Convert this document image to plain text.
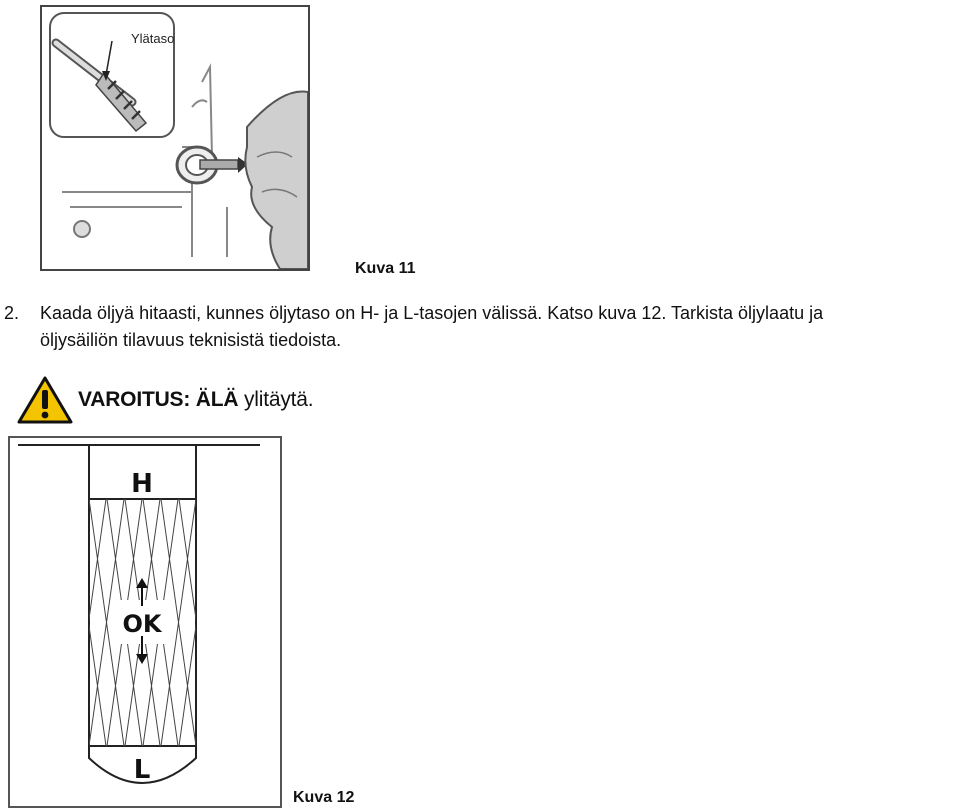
Ylätaso
Kuva 11
2. Kaada öljyä hitaasti, kunnes öljytaso on H- ja L-tasojen välissä. Katso kuva 12. Tarkista öljylaatu ja
öljysäiliön tilavuus teknisistä tiedoista.
VAROITUS: ÄLÄ ylitäytä.
H
OK
L
Kuva 12
